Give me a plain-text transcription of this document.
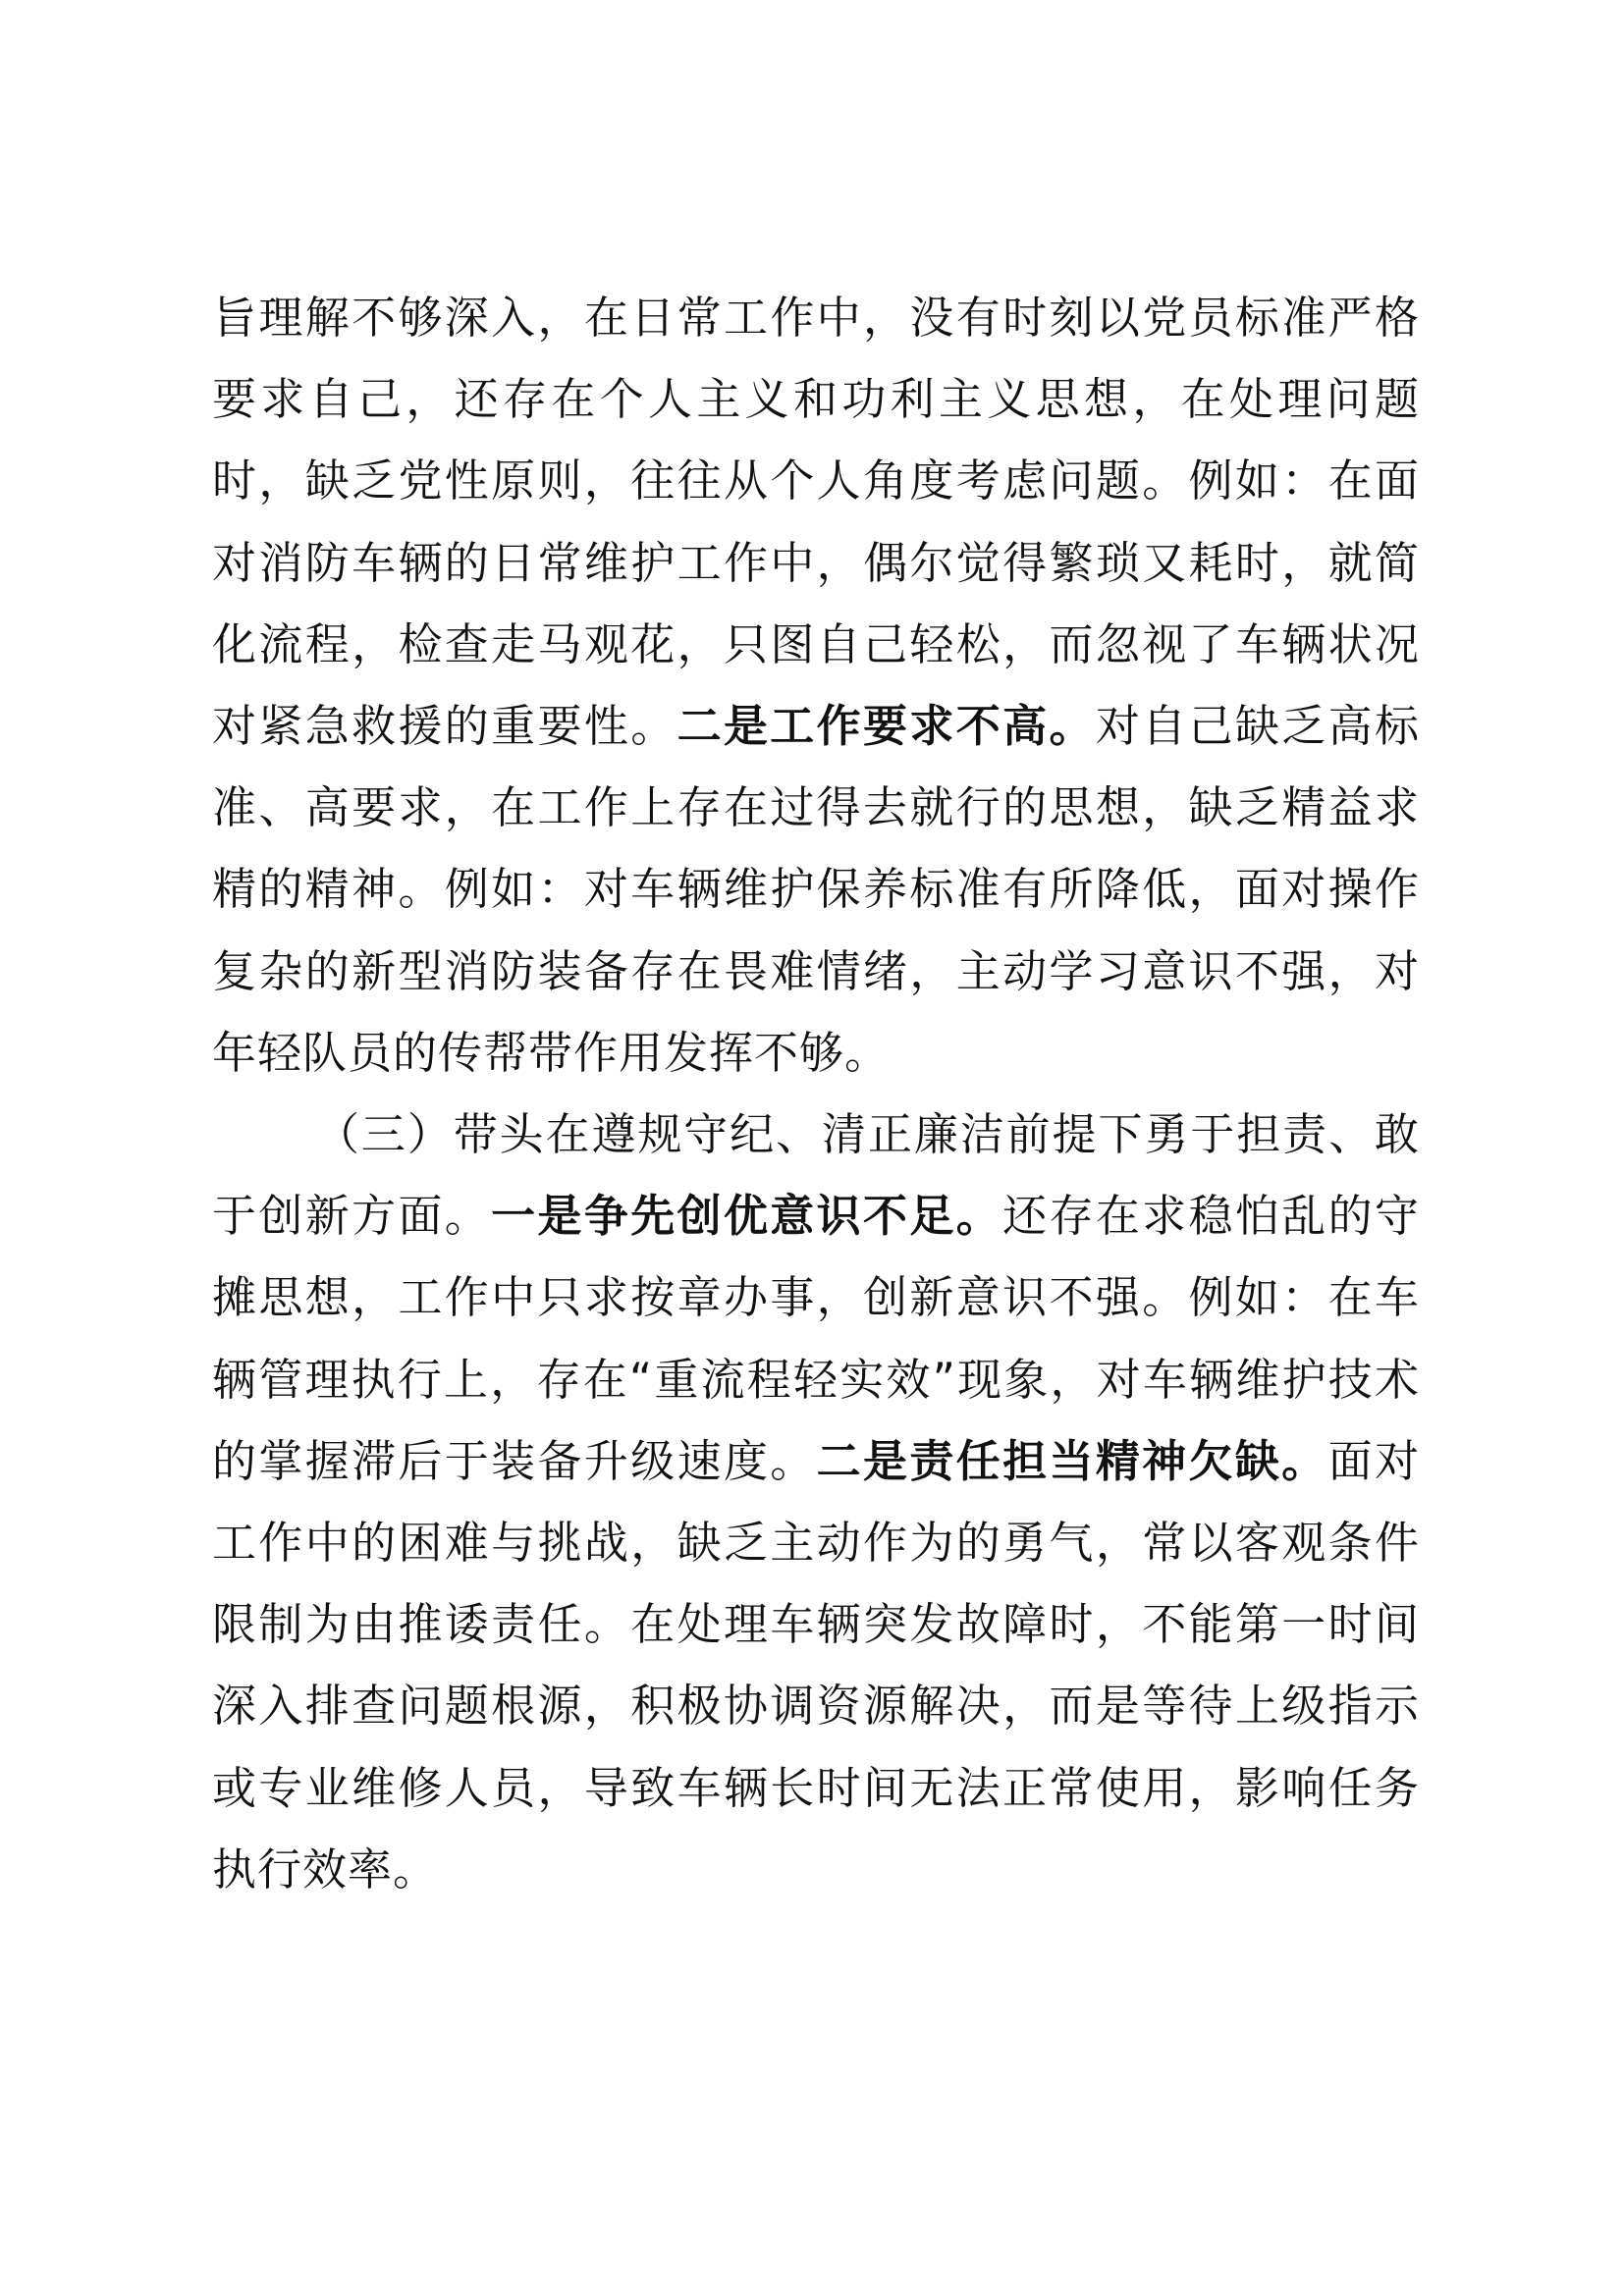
旨理解不够深入，在日常工作中，没有时刻以党员标准严格要求自己，还存在个人主义和功利主义思想，在处理问题时，缺乏党性原则，往往从个人角度考虑问题。例如：在面对消防车辆的日常维护工作中，偶尔觉得繁琐又耗时，就简化流程，检查走马观花，只图自己轻松，而忽视了车辆状况对紧急救援的重要性。二是工作要求不高。对自己缺乏高标准、高要求，在工作上存在过得去就行的思想，缺乏精益求精的精神。例如：对车辆维护保养标准有所降低，面对操作复杂的新型消防装备存在畏难情绪，主动学习意识不强，对年轻队员的传帮带作用发挥不够。

（三）带头在遵规守纪、清正廉洁前提下勇于担责、敢于创新方面。一是争先创优意识不足。还存在求稳怕乱的守摊思想，工作中只求按章办事，创新意识不强。例如：在车辆管理执行上，存在“重流程轻实效”现象，对车辆维护技术的掌握滞后于装备升级速度。二是责任担当精神欠缺。面对工作中的困难与挑战，缺乏主动作为的勇气，常以客观条件限制为由推诿责任。在处理车辆突发故障时，不能第一时间深入排查问题根源，积极协调资源解决，而是等待上级指示或专业维修人员，导致车辆长时间无法正常使用，影响任务执行效率。
